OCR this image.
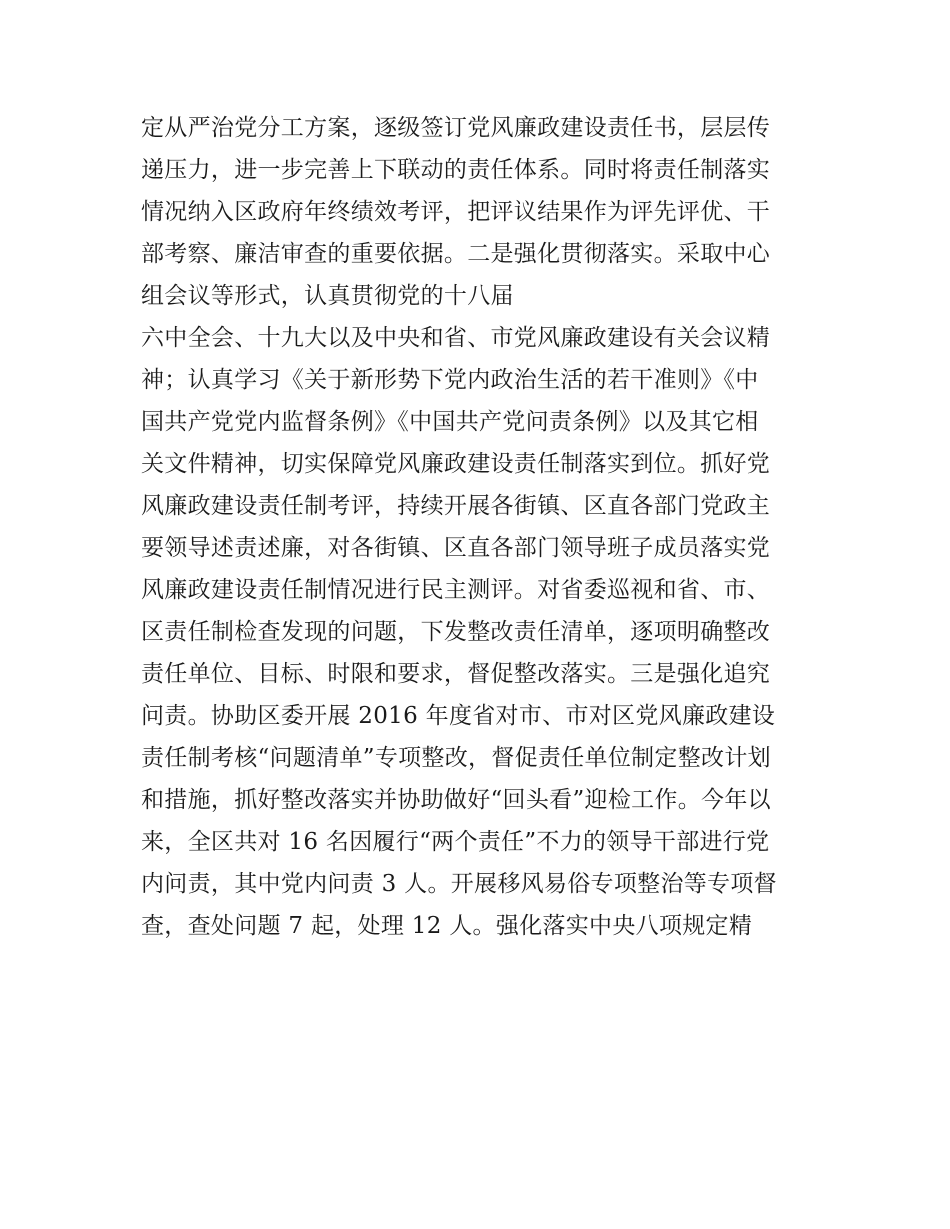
定从严治党分工方案，逐级签订党风廉政建设责任书，层层传
递压力，进一步完善上下联动的责任体系。同时将责任制落实
情况纳入区政府年终绩效考评，把评议结果作为评先评优、干
部考察、廉洁审查的重要依据。二是强化贯彻落实。采取中心
组会议等形式，认真贯彻党的十八届
六中全会、十九大以及中央和省、市党风廉政建设有关会议精
神；认真学习《关于新形势下党内政治生活的若干准则》《中
国共产党党内监督条例》《中国共产党问责条例》以及其它相
关文件精神，切实保障党风廉政建设责任制落实到位。抓好党
风廉政建设责任制考评，持续开展各街镇、区直各部门党政主
要领导述责述廉，对各街镇、区直各部门领导班子成员落实党
风廉政建设责任制情况进行民主测评。对省委巡视和省、市、
区责任制检查发现的问题，下发整改责任清单，逐项明确整改
责任单位、目标、时限和要求，督促整改落实。三是强化追究
问责。协助区委开展 2016 年度省对市、市对区党风廉政建设
责任制考核“问题清单”专项整改，督促责任单位制定整改计划
和措施，抓好整改落实并协助做好“回头看”迎检工作。今年以
来，全区共对 16 名因履行“两个责任”不力的领导干部进行党
内问责，其中党内问责 3 人。开展移风易俗专项整治等专项督
查，查处问题 7 起，处理 12 人。强化落实中央八项规定精
